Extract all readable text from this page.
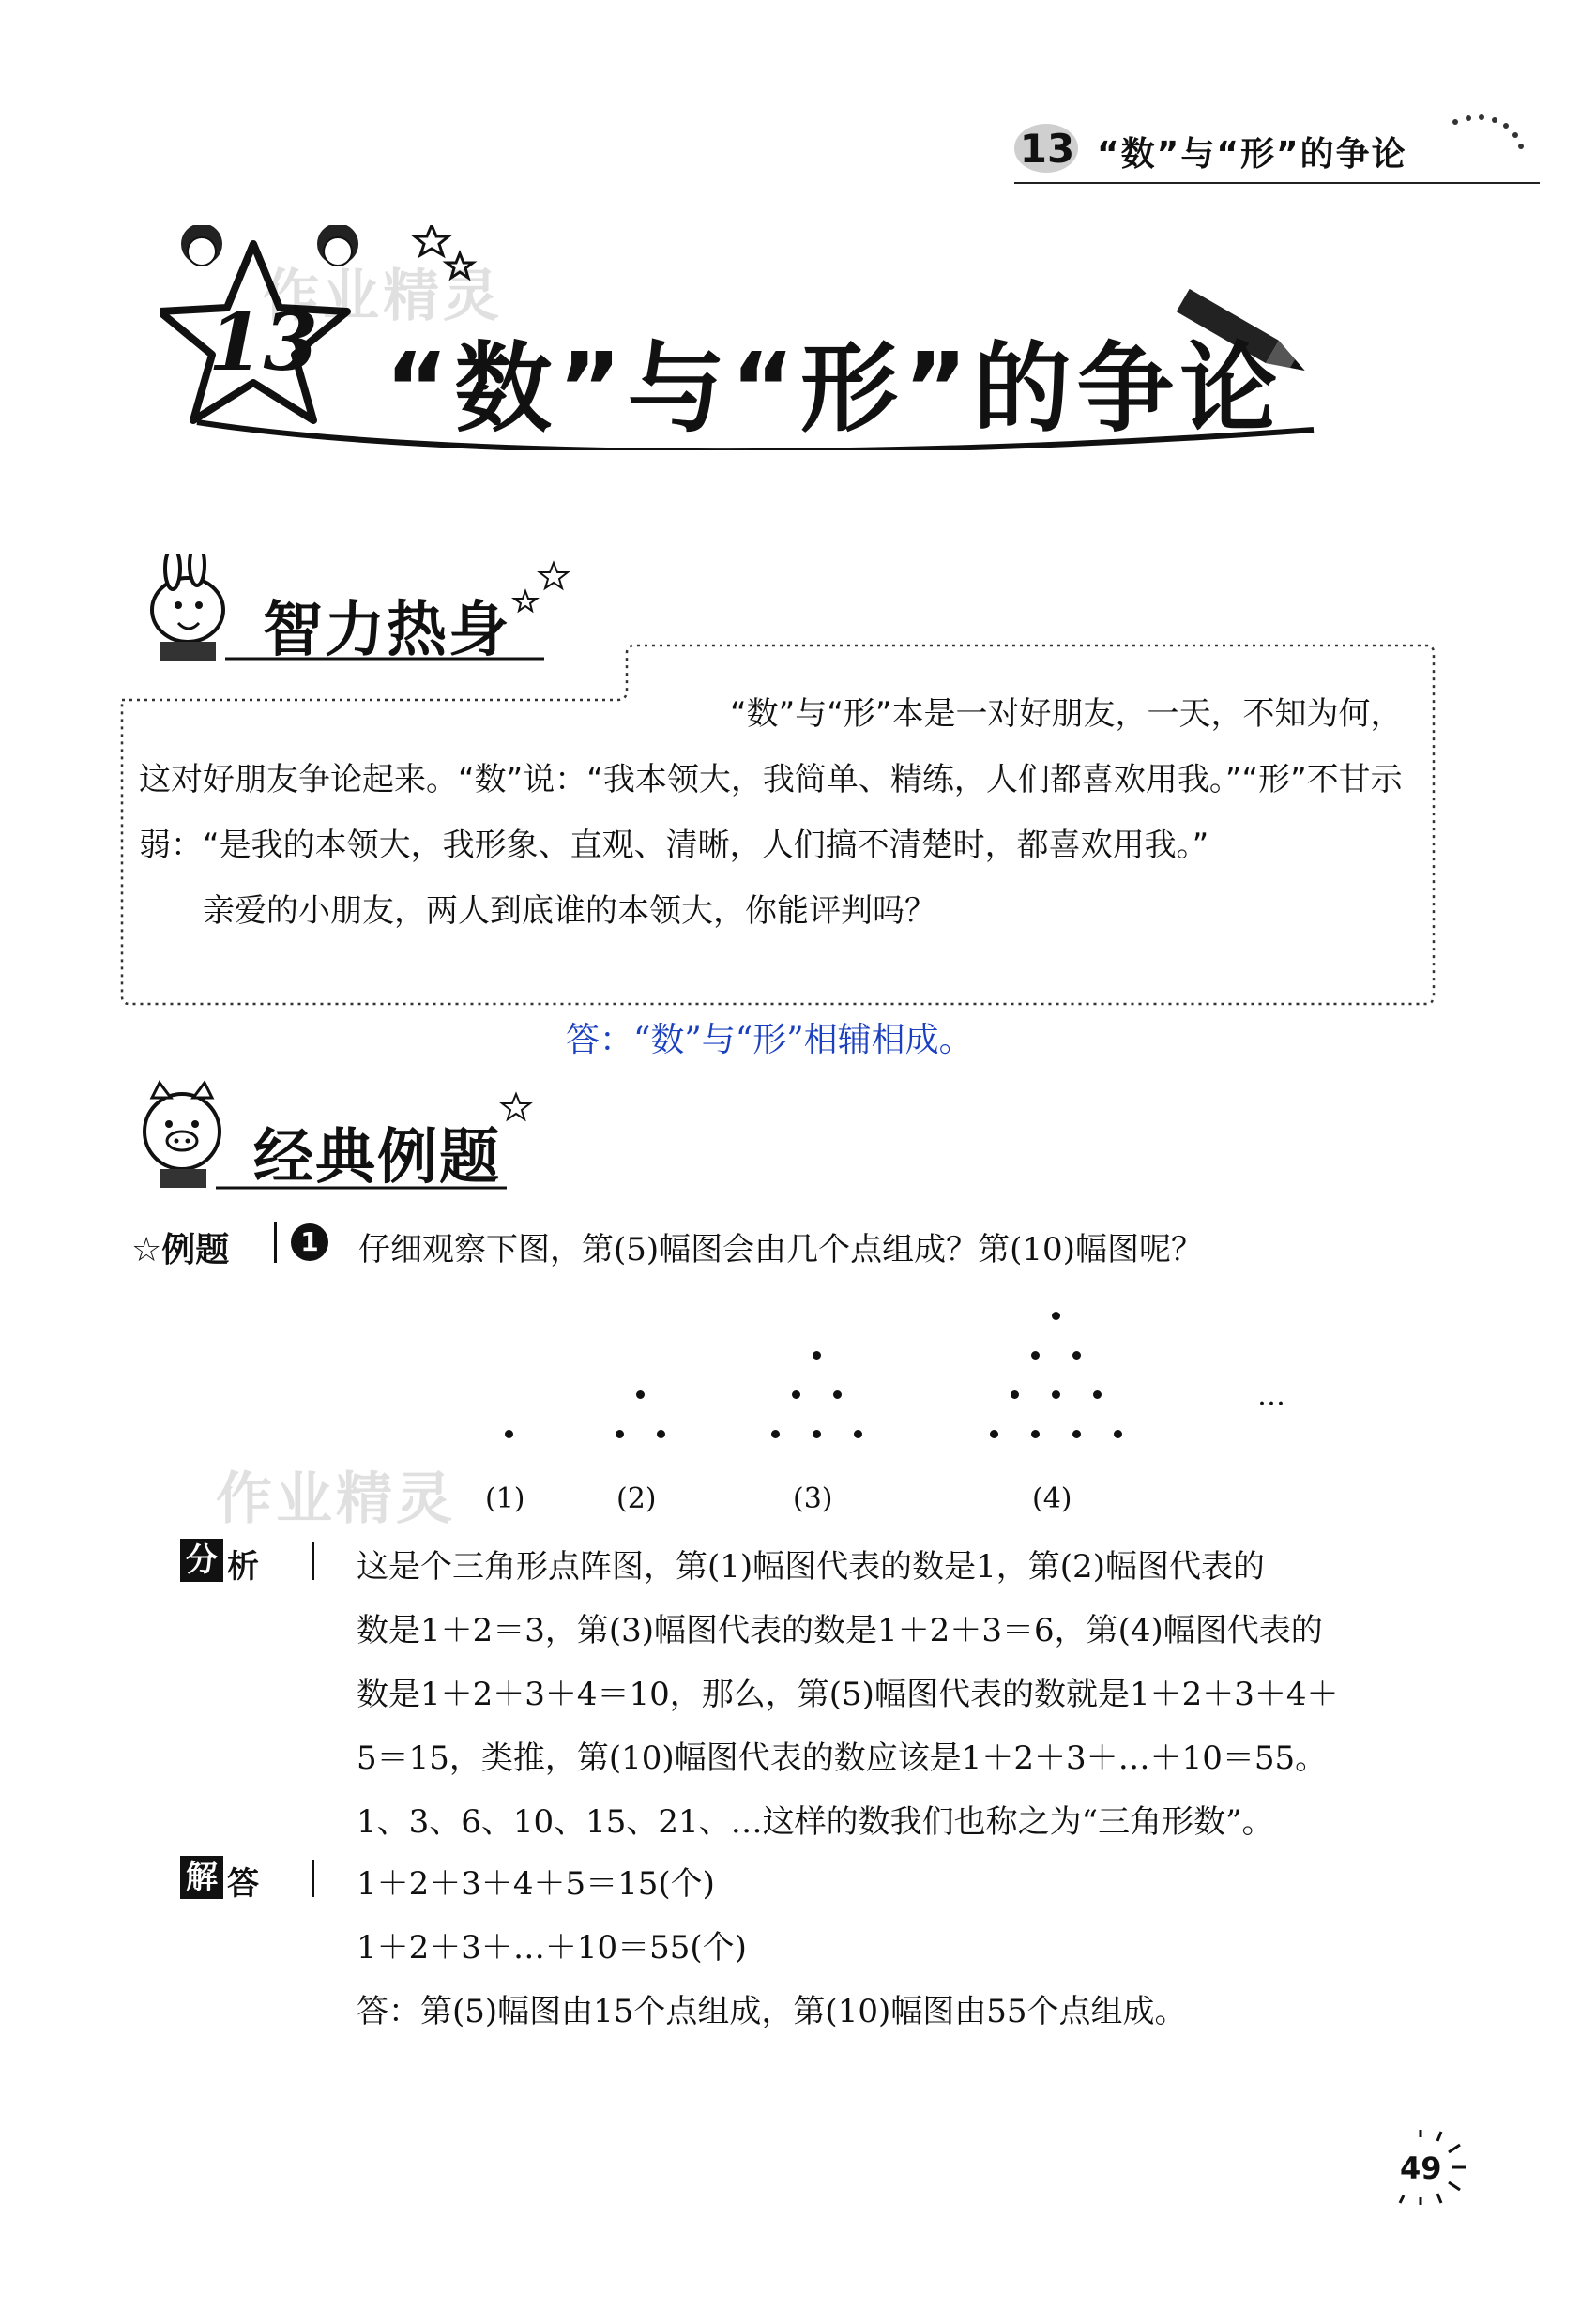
13 “数”与“形”的争论
13 “数”与“形”的争论
作业精灵
智力热身

“数”与“形”本是一对好朋友，一天，不知为何，这对好朋友争论起来。“数”说：“我本领大，我简单、精练，人们都喜欢用我。”“形”不甘示弱：“是我的本领大，我形象、直观、清晰，人们搞不清楚时，都喜欢用我。”

亲爱的小朋友，两人到底谁的本领大，你能评判吗？

答：“数”与“形”相辅相成。
经典例题
☆例题	1	仔细观察下图，第(5)幅图会由几个点组成？第(10)幅图呢？
(1)	(2)	(3)	(4)
…
作业精灵
分 析	这是个三角形点阵图，第(1)幅图代表的数是1，第(2)幅图代表的

数是1＋2＝3，第(3)幅图代表的数是1＋2＋3＝6，第(4)幅图代表的

数是1＋2＋3＋4＝10，那么，第(5)幅图代表的数就是1＋2＋3＋4＋

5＝15，类推，第(10)幅图代表的数应该是1＋2＋3＋…＋10＝55。

1、3、6、10、15、21、…这样的数我们也称之为“三角形数”。

解 答	1＋2＋3＋4＋5＝15(个)

1＋2＋3＋…＋10＝55(个)

答：第(5)幅图由15个点组成，第(10)幅图由55个点组成。

49
